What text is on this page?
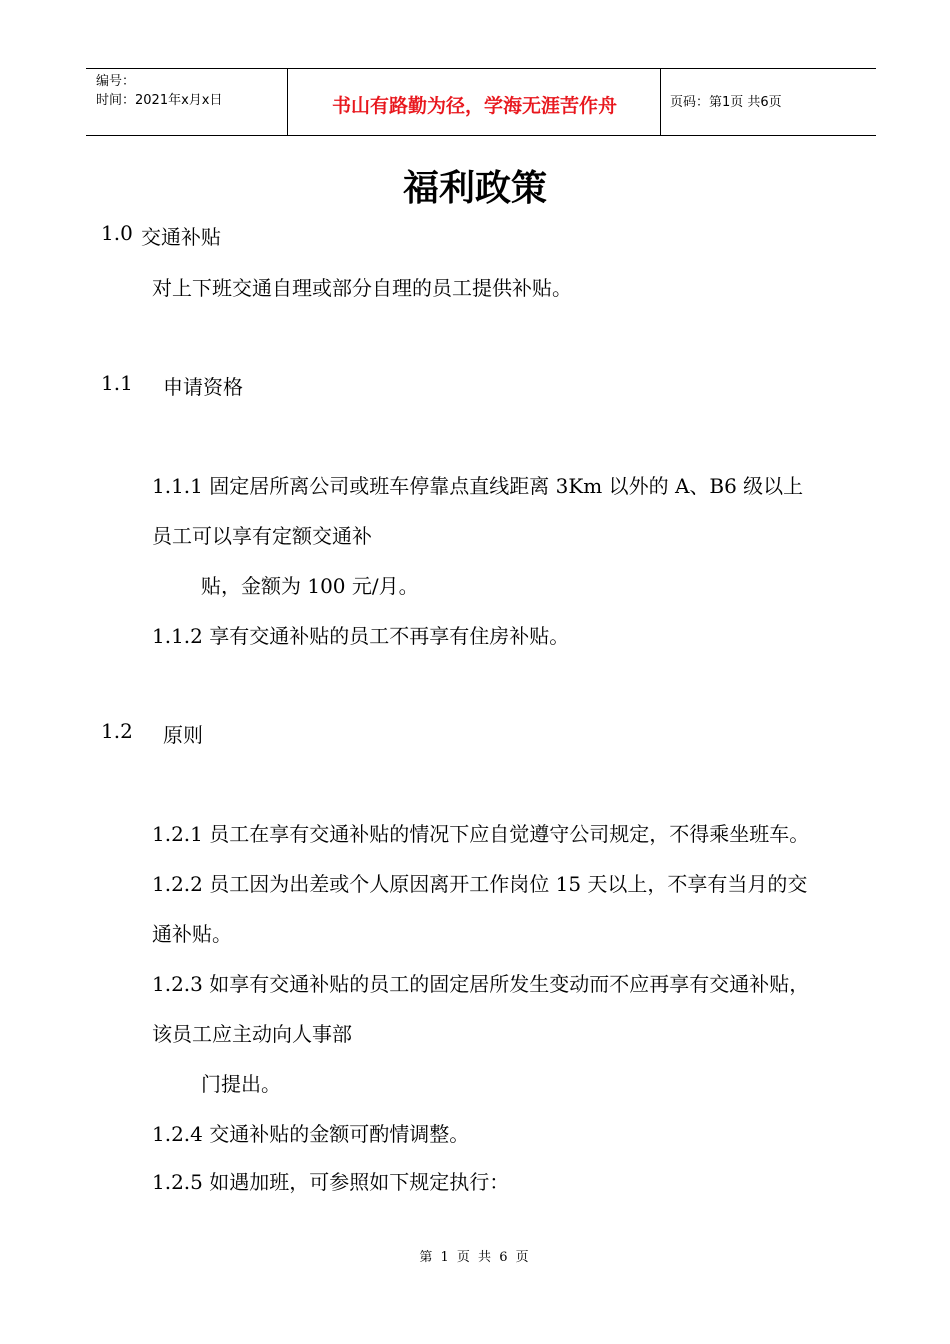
编号：
时间：2021年x月x日	书山有路勤为径，学海无涯苦作舟	页码：第1页 共6页
福利政策
1.0 交通补贴
对上下班交通自理或部分自理的员工提供补贴。
1.1 申请资格
1.1.1 固定居所离公司或班车停靠点直线距离 3Km 以外的 A、B6 级以上
员工可以享有定额交通补
贴，金额为 100 元/月。
1.1.2 享有交通补贴的员工不再享有住房补贴。
1.2 原则
1.2.1 员工在享有交通补贴的情况下应自觉遵守公司规定，不得乘坐班车。
1.2.2 员工因为出差或个人原因离开工作岗位 15 天以上，不享有当月的交
通补贴。
1.2.3 如享有交通补贴的员工的固定居所发生变动而不应再享有交通补贴，
该员工应主动向人事部
门提出。
1.2.4 交通补贴的金额可酌情调整。
1.2.5 如遇加班，可参照如下规定执行：
第 1 页 共 6 页
